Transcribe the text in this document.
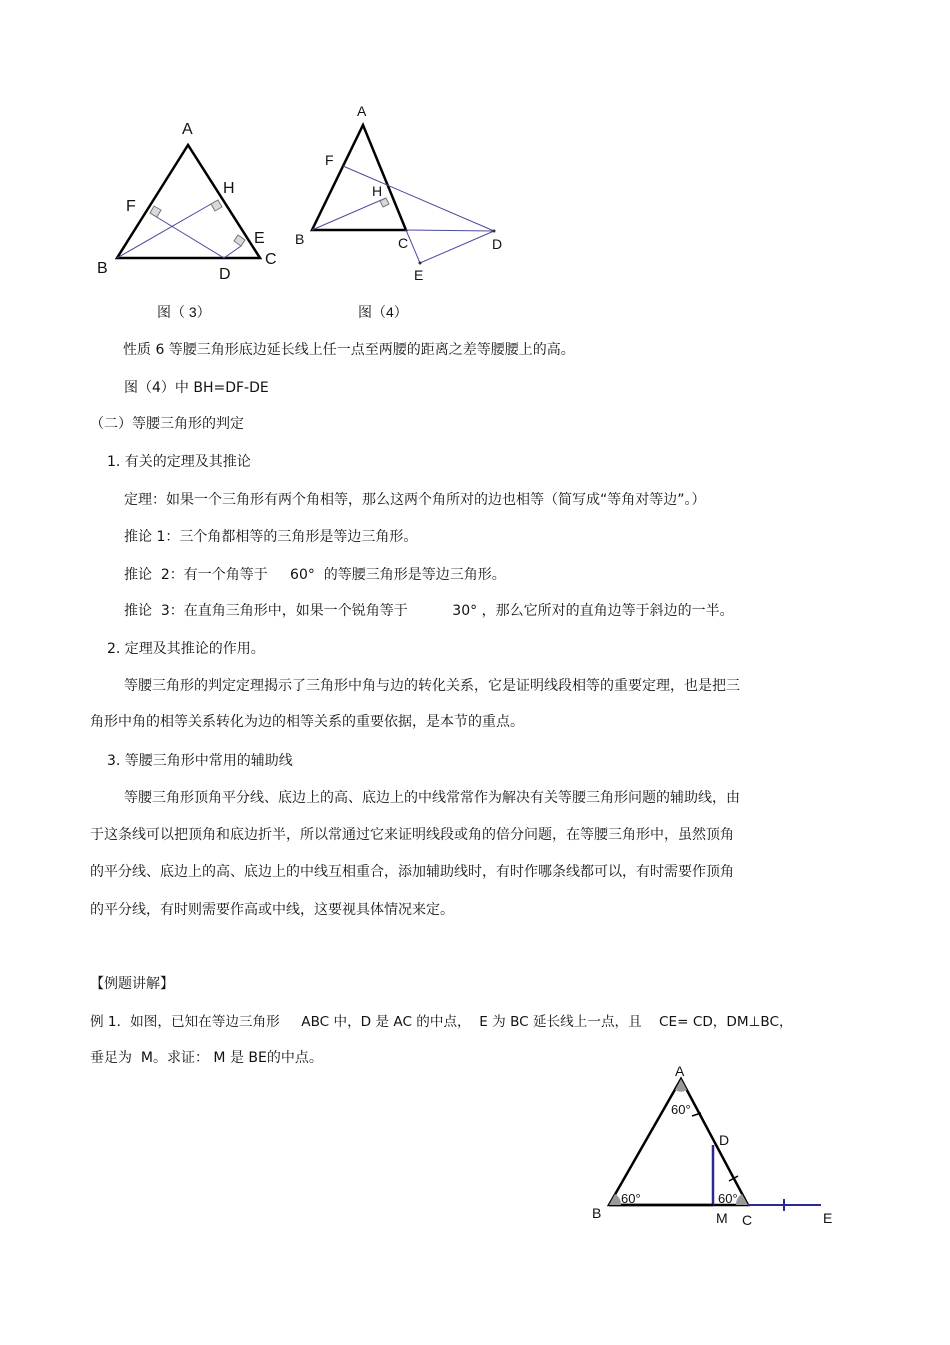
A
B
C
D
E
F
H
图（ 3）
A
B	C	D
E
F
H
图（4）
60°
60°	60°
A
B	C
D
E
M
性质 6 等腰三角形底边延长线上任一点至两腰的距离之差等腰腰上的高。
图（4）中 BH=DF-DE
（二）等腰三角形的判定
1. 有关的定理及其推论
定理：如果一个三角形有两个角相等，那么这两个角所对的边也相等（简写成“等角对等边”。）
推论 1：三个角都相等的三角形是等边三角形。
推论  2：有一个角等于     60°  的等腰三角形是等边三角形。
推论  3：在直角三角形中，如果一个锐角等于          30° ，那么它所对的直角边等于斜边的一半。
2. 定理及其推论的作用。
等腰三角形的判定定理揭示了三角形中角与边的转化关系，它是证明线段相等的重要定理，也是把三
角形中角的相等关系转化为边的相等关系的重要依据，是本节的重点。
3. 等腰三角形中常用的辅助线
等腰三角形顶角平分线、底边上的高、底边上的中线常常作为解决有关等腰三角形问题的辅助线，由
于这条线可以把顶角和底边折半，所以常通过它来证明线段或角的倍分问题，在等腰三角形中，虽然顶角
的平分线、底边上的高、底边上的中线互相重合，添加辅助线时，有时作哪条线都可以，有时需要作顶角
的平分线，有时则需要作高或中线，这要视具体情况来定。
【例题讲解】
例 1．如图，已知在等边三角形     ABC 中，D 是 AC 的中点，  E 为 BC 延长线上一点，且    CE= CD，DM⊥BC，
垂足为  M。求证： M 是 BE的中点。
